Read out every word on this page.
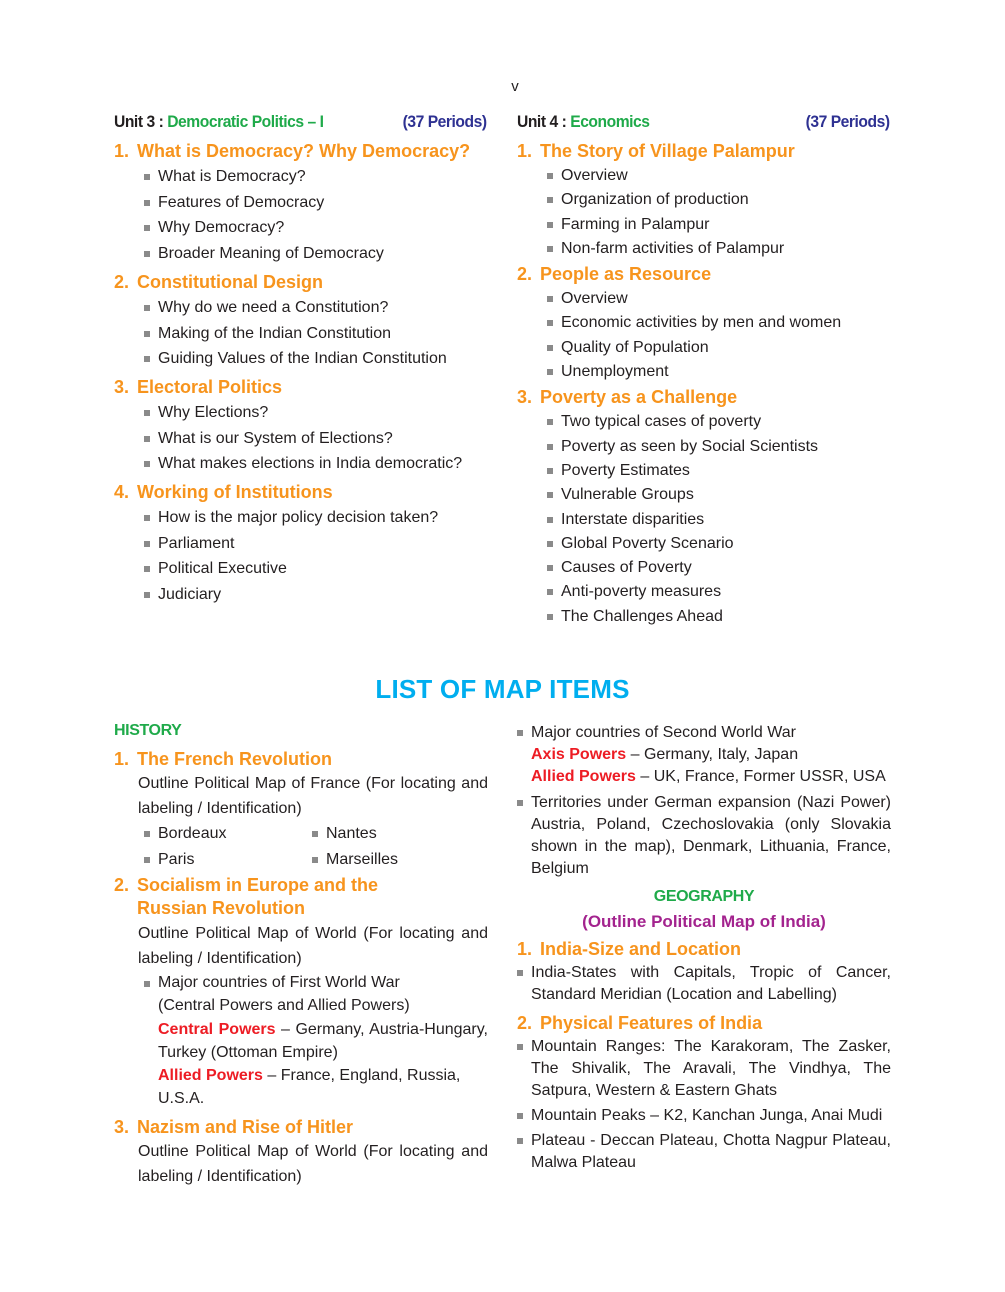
v
Unit 3 : Democratic Politics – I	(37 Periods)
1. What is Democracy? Why Democracy?
What is Democracy?
Features of Democracy
Why Democracy?
Broader Meaning of Democracy
2. Constitutional Design
Why do we need a Constitution?
Making of the Indian Constitution
Guiding Values of the Indian Constitution
3. Electoral Politics
Why Elections?
What is our System of Elections?
What makes elections in India democratic?
4. Working of Institutions
How is the major policy decision taken?
Parliament
Political Executive
Judiciary
Unit 4 : Economics	(37 Periods)
1. The Story of Village Palampur
Overview
Organization of production
Farming in Palampur
Non-farm activities of Palampur
2. People as Resource
Overview
Economic activities by men and women
Quality of Population
Unemployment
3. Poverty as a Challenge
Two typical cases of poverty
Poverty as seen by Social Scientists
Poverty Estimates
Vulnerable Groups
Interstate disparities
Global Poverty Scenario
Causes of Poverty
Anti-poverty measures
The Challenges Ahead
LIST OF MAP ITEMS
HISTORY
1. The French Revolution
Outline Political Map of France (For locating and labeling / Identification)
Bordeaux
Paris
Nantes
Marseilles
2. Socialism in Europe and the Russian Revolution
Outline Political Map of World (For locating and labeling / Identification)
Major countries of First World War
(Central Powers and Allied Powers)
Central Powers – Germany, Austria-Hungary, Turkey (Ottoman Empire)
Allied Powers – France, England, Russia, U.S.A.
3. Nazism and Rise of Hitler
Outline Political Map of World (For locating and labeling / Identification)
Major countries of Second World War
Axis Powers – Germany, Italy, Japan
Allied Powers – UK, France, Former USSR, USA
Territories under German expansion (Nazi Power) Austria, Poland, Czechoslovakia (only Slovakia shown in the map), Denmark, Lithuania, France, Belgium
GEOGRAPHY
(Outline Political Map of India)
1. India-Size and Location
India-States with Capitals, Tropic of Cancer, Standard Meridian (Location and Labelling)
2. Physical Features of India
Mountain Ranges: The Karakoram, The Zasker, The Shivalik, The Aravali, The Vindhya, The Satpura, Western & Eastern Ghats
Mountain Peaks – K2, Kanchan Junga, Anai Mudi
Plateau - Deccan Plateau, Chotta Nagpur Plateau, Malwa Plateau
